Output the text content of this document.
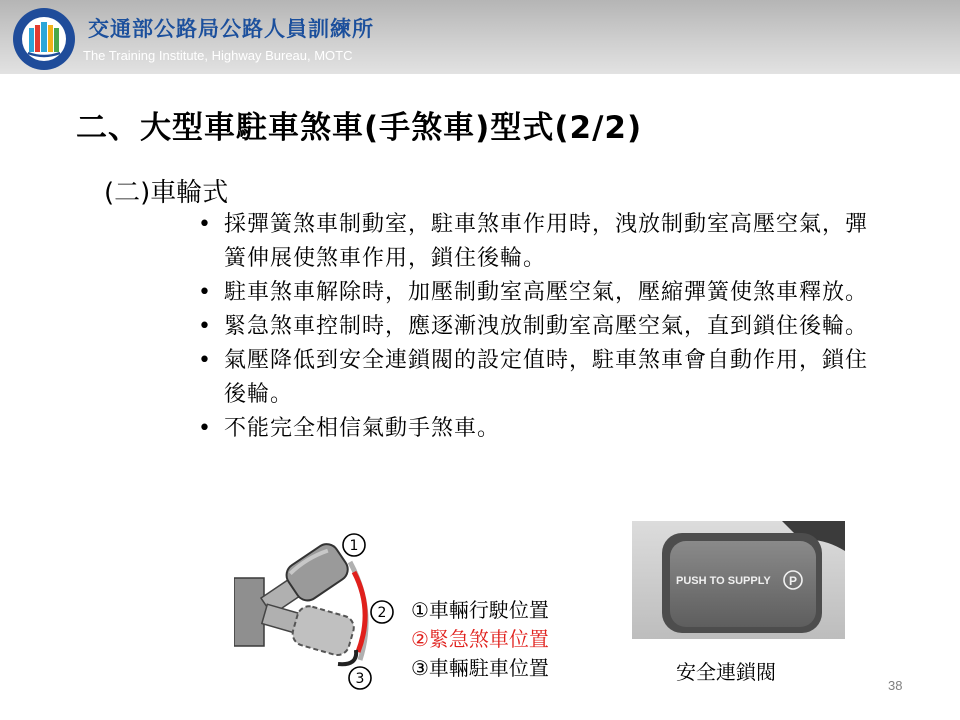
交通部公路局公路人員訓練所
The Training Institute, Highway Bureau, MOTC
二、大型車駐車煞車(手煞車)型式(2/2)
(二)車輪式
• 採彈簧煞車制動室，駐車煞車作用時，洩放制動室高壓空氣，彈簧伸展使煞車作用，鎖住後輪。
• 駐車煞車解除時，加壓制動室高壓空氣，壓縮彈簧使煞車釋放。
• 緊急煞車控制時，應逐漸洩放制動室高壓空氣，直到鎖住後輪。
• 氣壓降低到安全連鎖閥的設定值時，駐車煞車會自動作用，鎖住後輪。
• 不能完全相信氣動手煞車。
1
2
3
①車輛行駛位置
②緊急煞車位置
③車輛駐車位置
PUSH TO SUPPLY P
安全連鎖閥
38
